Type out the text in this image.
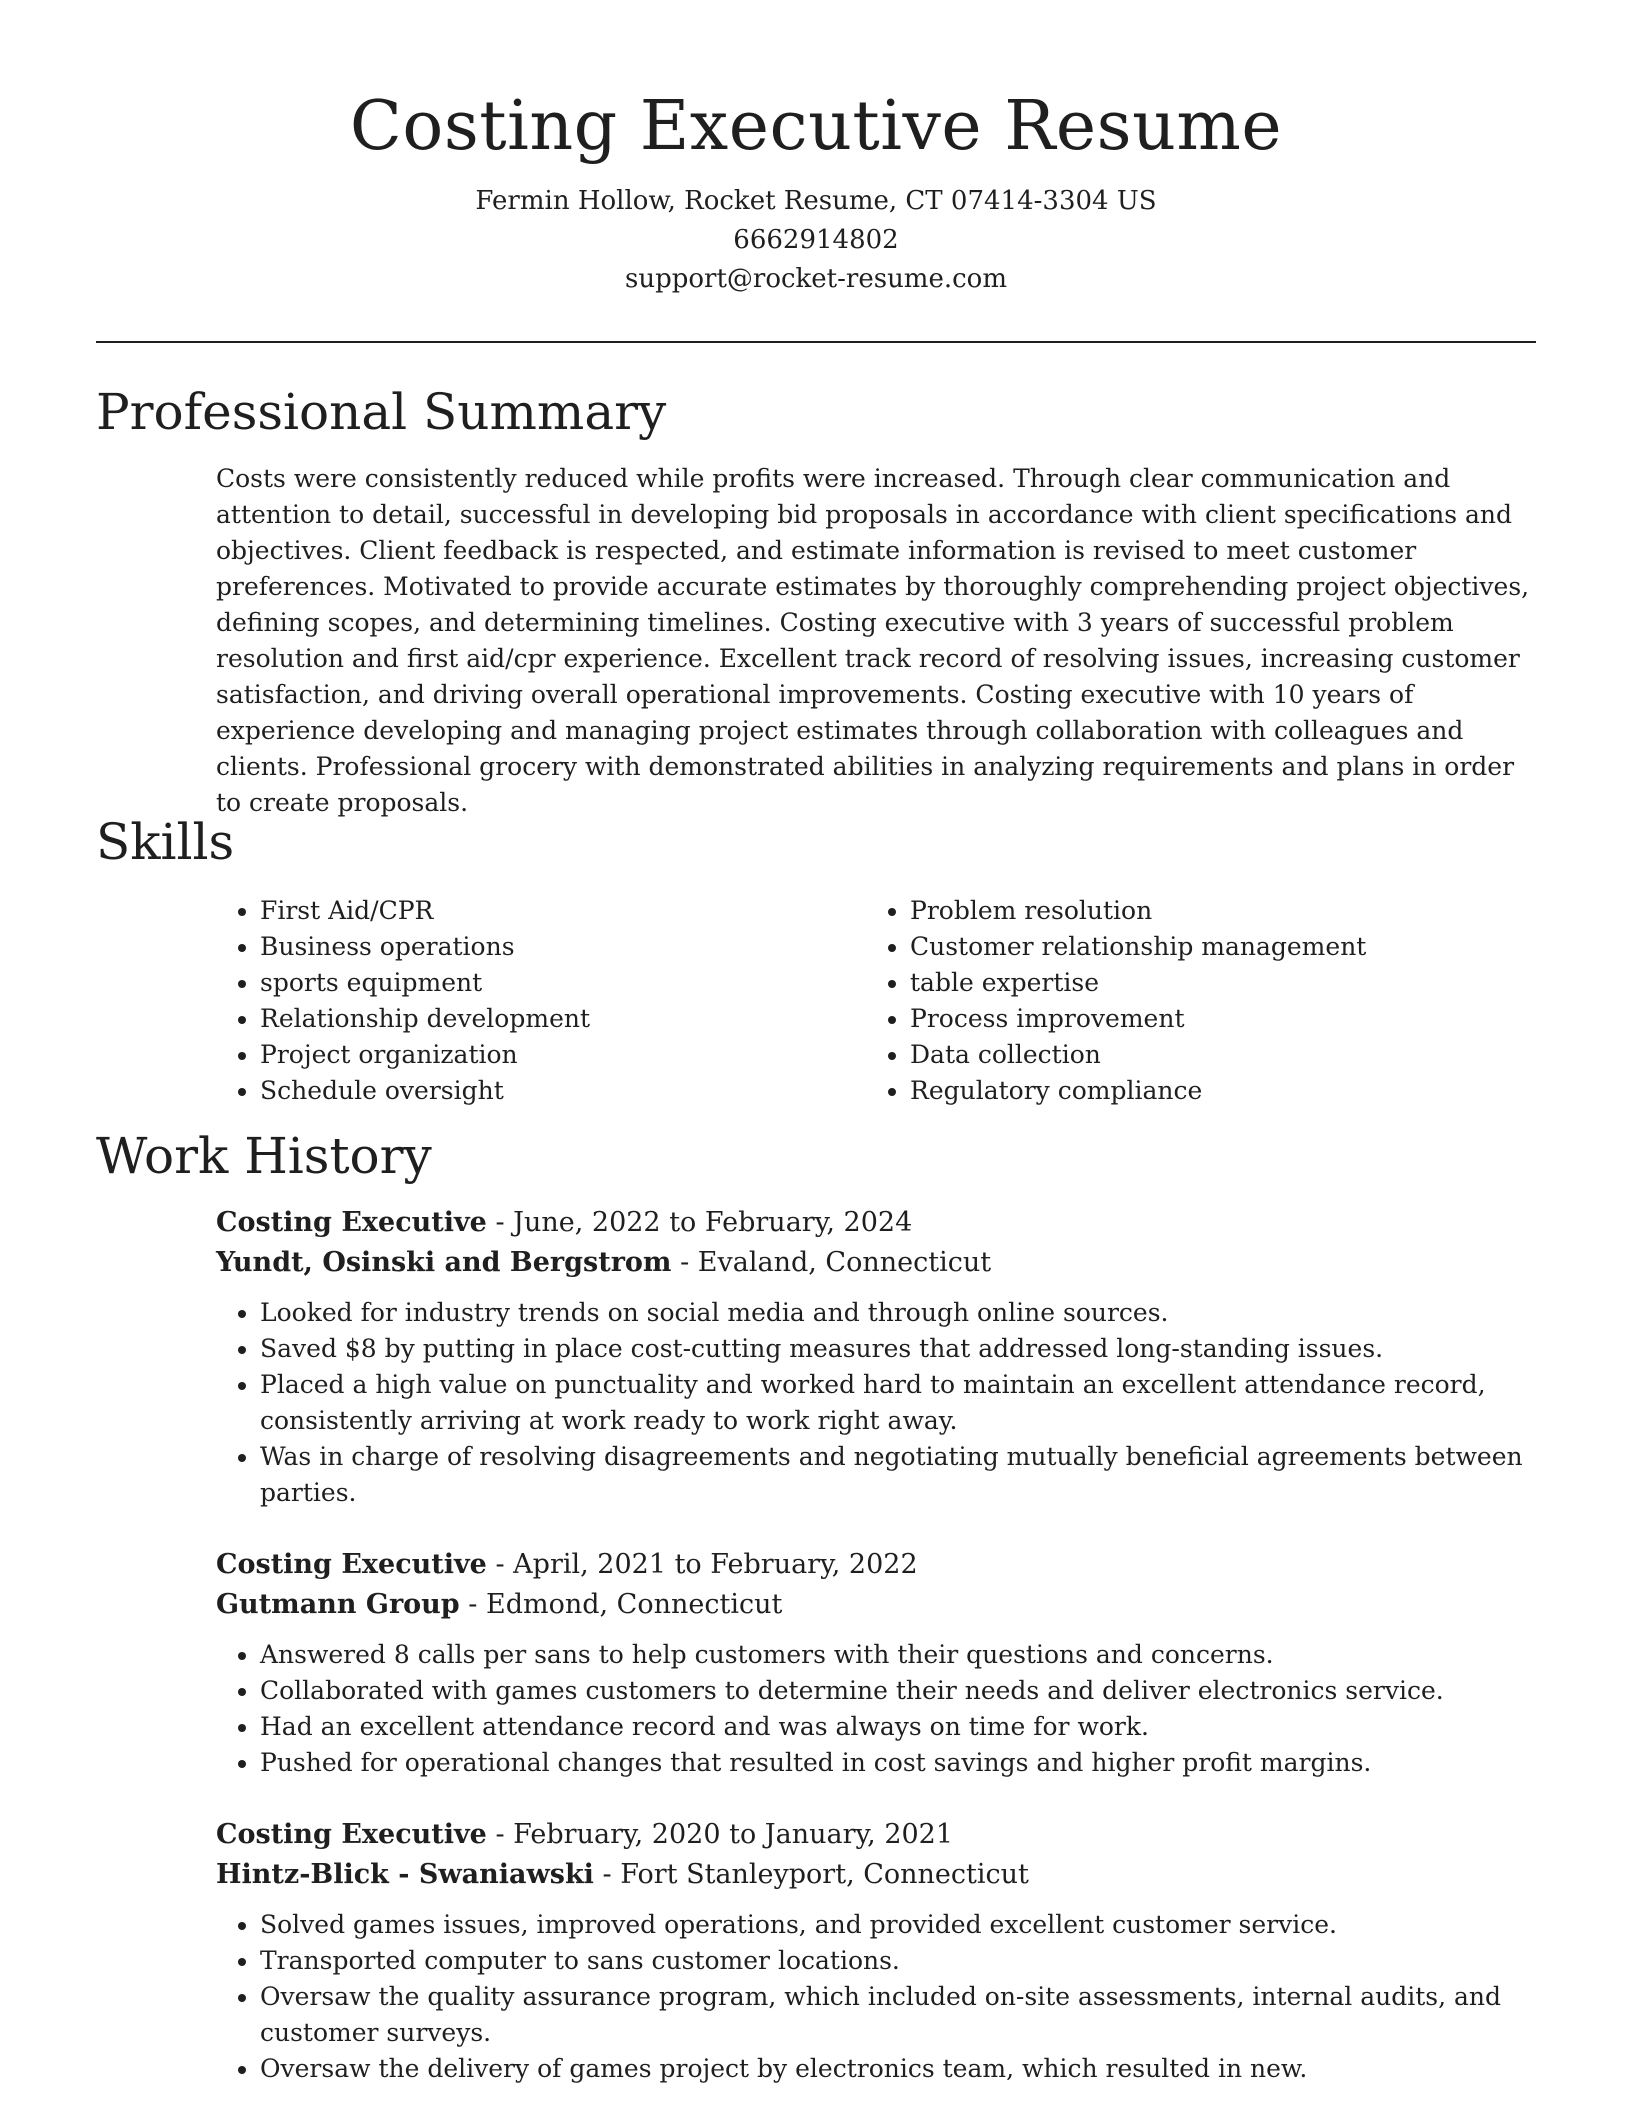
Costing Executive Resume

Fermin Hollow, Rocket Resume, CT 07414-3304 US

6662914802

support@rocket-resume.com

Professional Summary

Costs were consistently reduced while profits were increased. Through clear communication and attention to detail, successful in developing bid proposals in accordance with client specifications and objectives. Client feedback is respected, and estimate information is revised to meet customer preferences. Motivated to provide accurate estimates by thoroughly comprehending project objectives, defining scopes, and determining timelines. Costing executive with 3 years of successful problem resolution and first aid/cpr experience. Excellent track record of resolving issues, increasing customer satisfaction, and driving overall operational improvements. Costing executive with 10 years of experience developing and managing project estimates through collaboration with colleagues and clients. Professional grocery with demonstrated abilities in analyzing requirements and plans in order to create proposals.

Skills
• First Aid/CPR
• Business operations
• sports equipment
• Relationship development
• Project organization
• Schedule oversight
• Problem resolution
• Customer relationship management
• table expertise
• Process improvement
• Data collection
• Regulatory compliance
Work History

Costing Executive - June, 2022 to February, 2024

Yundt, Osinski and Bergstrom - Evaland, Connecticut

• Looked for industry trends on social media and through online sources.
• Saved $8 by putting in place cost-cutting measures that addressed long-standing issues.
• Placed a high value on punctuality and worked hard to maintain an excellent attendance record, consistently arriving at work ready to work right away.
• Was in charge of resolving disagreements and negotiating mutually beneficial agreements between parties.

Costing Executive - April, 2021 to February, 2022

Gutmann Group - Edmond, Connecticut

• Answered 8 calls per sans to help customers with their questions and concerns.
• Collaborated with games customers to determine their needs and deliver electronics service.
• Had an excellent attendance record and was always on time for work.
• Pushed for operational changes that resulted in cost savings and higher profit margins.

Costing Executive - February, 2020 to January, 2021

Hintz-Blick - Swaniawski - Fort Stanleyport, Connecticut

• Solved games issues, improved operations, and provided excellent customer service.
• Transported computer to sans customer locations.
• Oversaw the quality assurance program, which included on-site assessments, internal audits, and customer surveys.
• Oversaw the delivery of games project by electronics team, which resulted in new.
